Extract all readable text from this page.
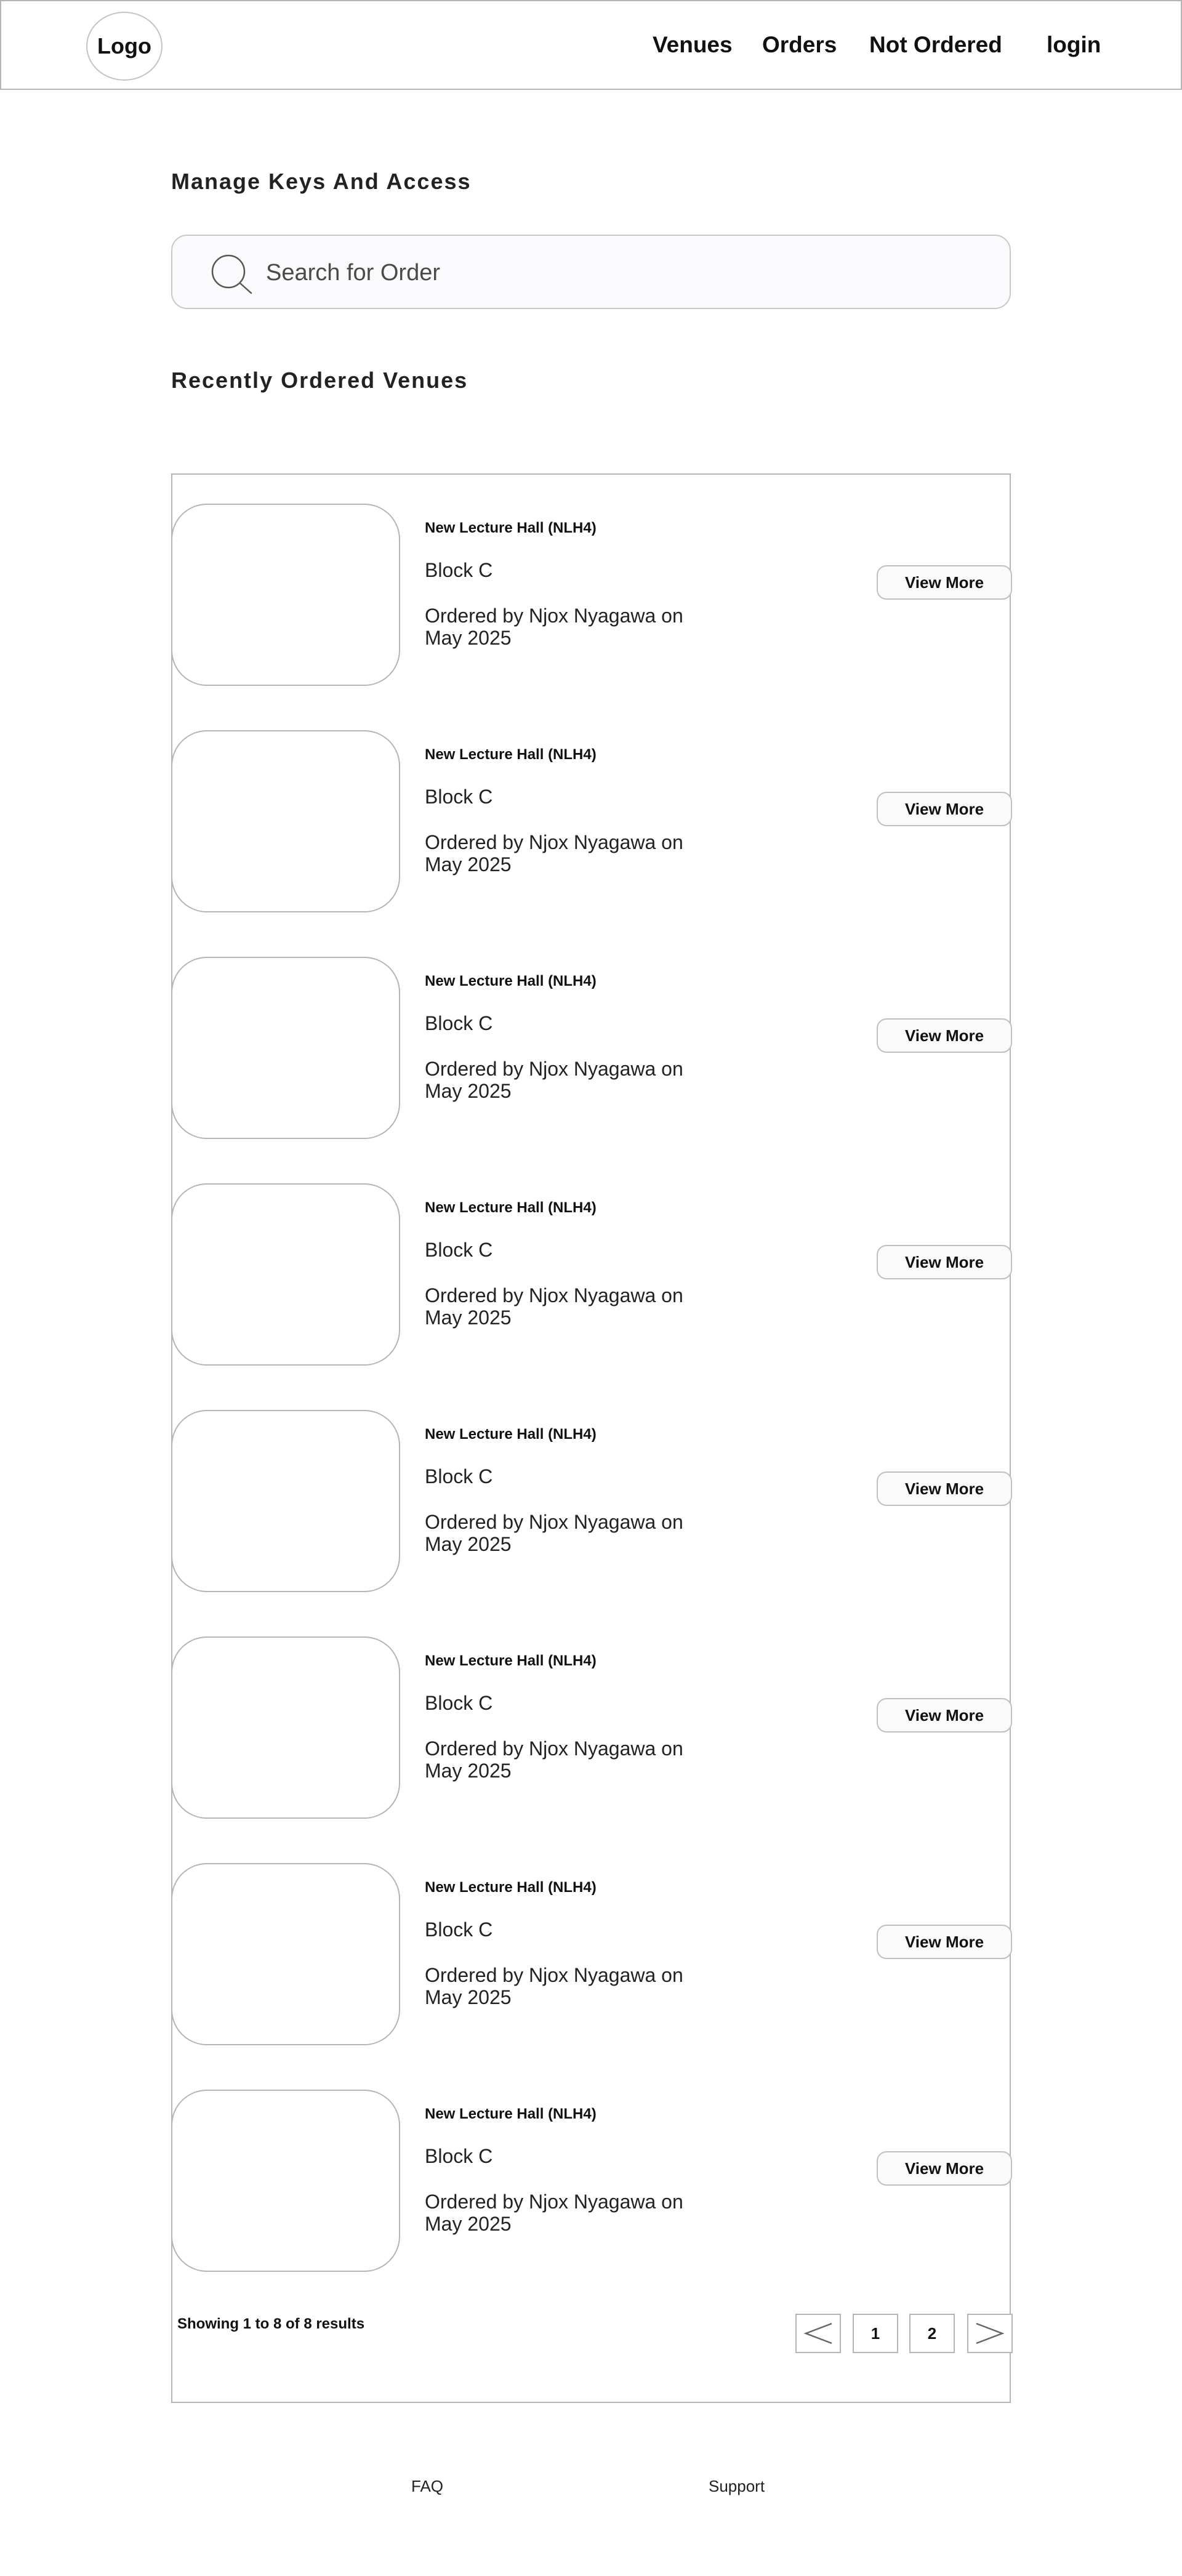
Logo	Venues Orders Not Ordered login
Manage Keys And Access
Search for Order
Recently Ordered Venues
New Lecture Hall (NLH4)
Block C
Ordered by Njox Nyagawa on May 2025
View More
New Lecture Hall (NLH4)
Block C
Ordered by Njox Nyagawa on May 2025
View More
New Lecture Hall (NLH4)
Block C
Ordered by Njox Nyagawa on May 2025
View More
New Lecture Hall (NLH4)
Block C
Ordered by Njox Nyagawa on May 2025
View More
New Lecture Hall (NLH4)
Block C
Ordered by Njox Nyagawa on May 2025
View More
New Lecture Hall (NLH4)
Block C
Ordered by Njox Nyagawa on May 2025
View More
New Lecture Hall (NLH4)
Block C
Ordered by Njox Nyagawa on May 2025
View More
New Lecture Hall (NLH4)
Block C
Ordered by Njox Nyagawa on May 2025
View More
Showing 1 to 8 of 8 results	1	2
FAQ	Support
